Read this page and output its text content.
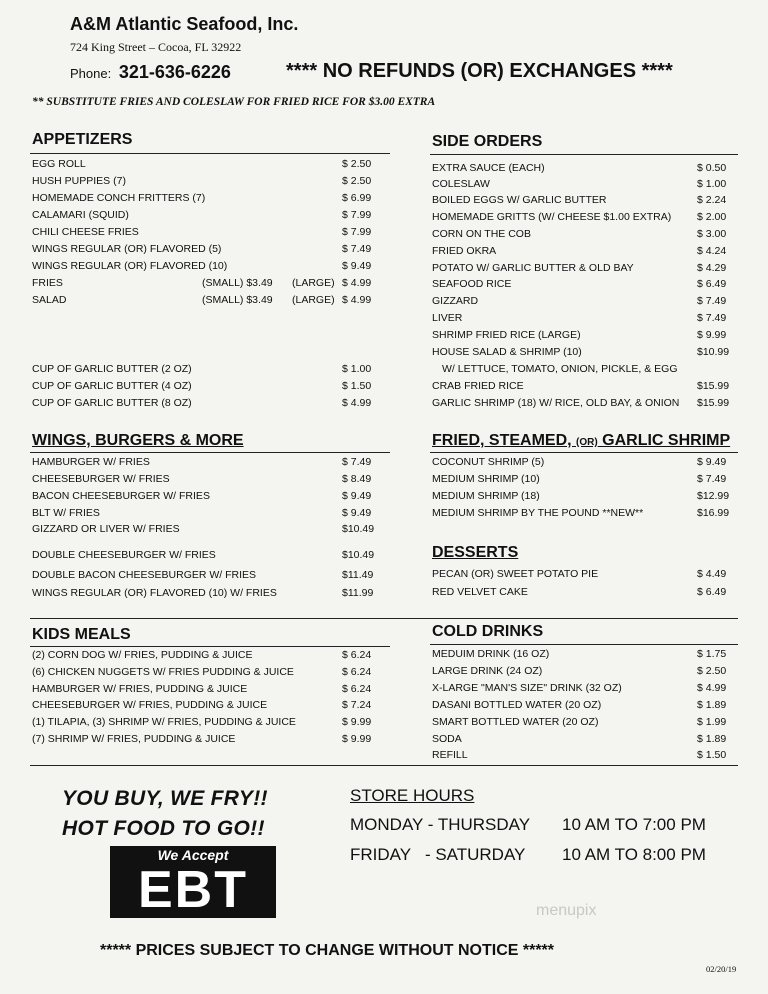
A&M Atlantic Seafood, Inc.
724 King Street – Cocoa, FL 32922
Phone: 321-636-6226	**** NO REFUNDS (OR) EXCHANGES ****
** SUBSTITUTE FRIES AND COLESLAW FOR FRIED RICE FOR $3.00 EXTRA
APPETIZERS
EGG ROLL	$ 2.50
HUSH PUPPIES (7)	$ 2.50
HOMEMADE CONCH FRITTERS (7)	$ 6.99
CALAMARI (SQUID)	$ 7.99
CHILI CHEESE FRIES	$ 7.99
WINGS REGULAR (OR) FLAVORED (5)	$ 7.49
WINGS REGULAR (OR) FLAVORED (10)	$ 9.49
FRIES	(SMALL) $3.49 (LARGE) $ 4.99
SALAD	(SMALL) $3.49 (LARGE) $ 4.99
CUP OF GARLIC BUTTER (2 OZ)	$ 1.00
CUP OF GARLIC BUTTER (4 OZ)	$ 1.50
CUP OF GARLIC BUTTER (8 OZ)	$ 4.99
SIDE ORDERS
EXTRA SAUCE (EACH)	$ 0.50
COLESLAW	$ 1.00
BOILED EGGS W/ GARLIC BUTTER	$ 2.24
HOMEMADE GRITTS (W/ CHEESE $1.00 EXTRA) $ 2.00
CORN ON THE COB	$ 3.00
FRIED OKRA	$ 4.24
POTATO W/ GARLIC BUTTER & OLD BAY	$ 4.29
SEAFOOD RICE	$ 6.49
GIZZARD	$ 7.49
LIVER	$ 7.49
SHRIMP FRIED RICE (LARGE)	$ 9.99
HOUSE SALAD & SHRIMP (10)	$10.99
W/ LETTUCE, TOMATO, ONION, PICKLE, & EGG
CRAB FRIED RICE	$15.99
GARLIC SHRIMP (18) W/ RICE, OLD BAY, & ONION $15.99
WINGS, BURGERS & MORE
HAMBURGER W/ FRIES	$ 7.49
CHEESEBURGER W/ FRIES	$ 8.49
BACON CHEESEBURGER W/ FRIES	$ 9.49
BLT W/ FRIES	$ 9.49
GIZZARD OR LIVER W/ FRIES	$10.49
DOUBLE CHEESEBURGER W/ FRIES	$10.49
DOUBLE BACON CHEESEBURGER W/ FRIES	$11.49
WINGS REGULAR (OR) FLAVORED (10) W/ FRIES	$11.99
FRIED, STEAMED, (OR) GARLIC SHRIMP
COCONUT SHRIMP (5)	$ 9.49
MEDIUM SHRIMP (10)	$ 7.49
MEDIUM SHRIMP (18)	$12.99
MEDIUM SHRIMP BY THE POUND **NEW**	$16.99
DESSERTS
PECAN (OR) SWEET POTATO PIE	$ 4.49
RED VELVET CAKE	$ 6.49
KIDS MEALS
(2) CORN DOG W/ FRIES, PUDDING & JUICE	$ 6.24
(6) CHICKEN NUGGETS W/ FRIES PUDDING & JUICE	$ 6.24
HAMBURGER W/ FRIES, PUDDING & JUICE	$ 6.24
CHEESEBURGER W/ FRIES, PUDDING & JUICE	$ 7.24
(1) TILAPIA, (3) SHRIMP W/ FRIES, PUDDING & JUICE	$ 9.99
(7) SHRIMP W/ FRIES, PUDDING & JUICE	$ 9.99
COLD DRINKS
MEDUIM DRINK (16 OZ)	$ 1.75
LARGE DRINK (24 OZ)	$ 2.50
X-LARGE "MAN'S SIZE" DRINK (32 OZ)	$ 4.99
DASANI BOTTLED WATER (20 OZ)	$ 1.89
SMART BOTTLED WATER (20 OZ)	$ 1.99
SODA	$ 1.89
REFILL	$ 1.50
YOU BUY, WE FRY!!
HOT FOOD TO GO!!
We Accept
EBT
STORE HOURS
MONDAY - THURSDAY 10 AM TO 7:00 PM
FRIDAY   - SATURDAY 10 AM TO 8:00 PM
menupix
***** PRICES SUBJECT TO CHANGE WITHOUT NOTICE *****
02/20/19
